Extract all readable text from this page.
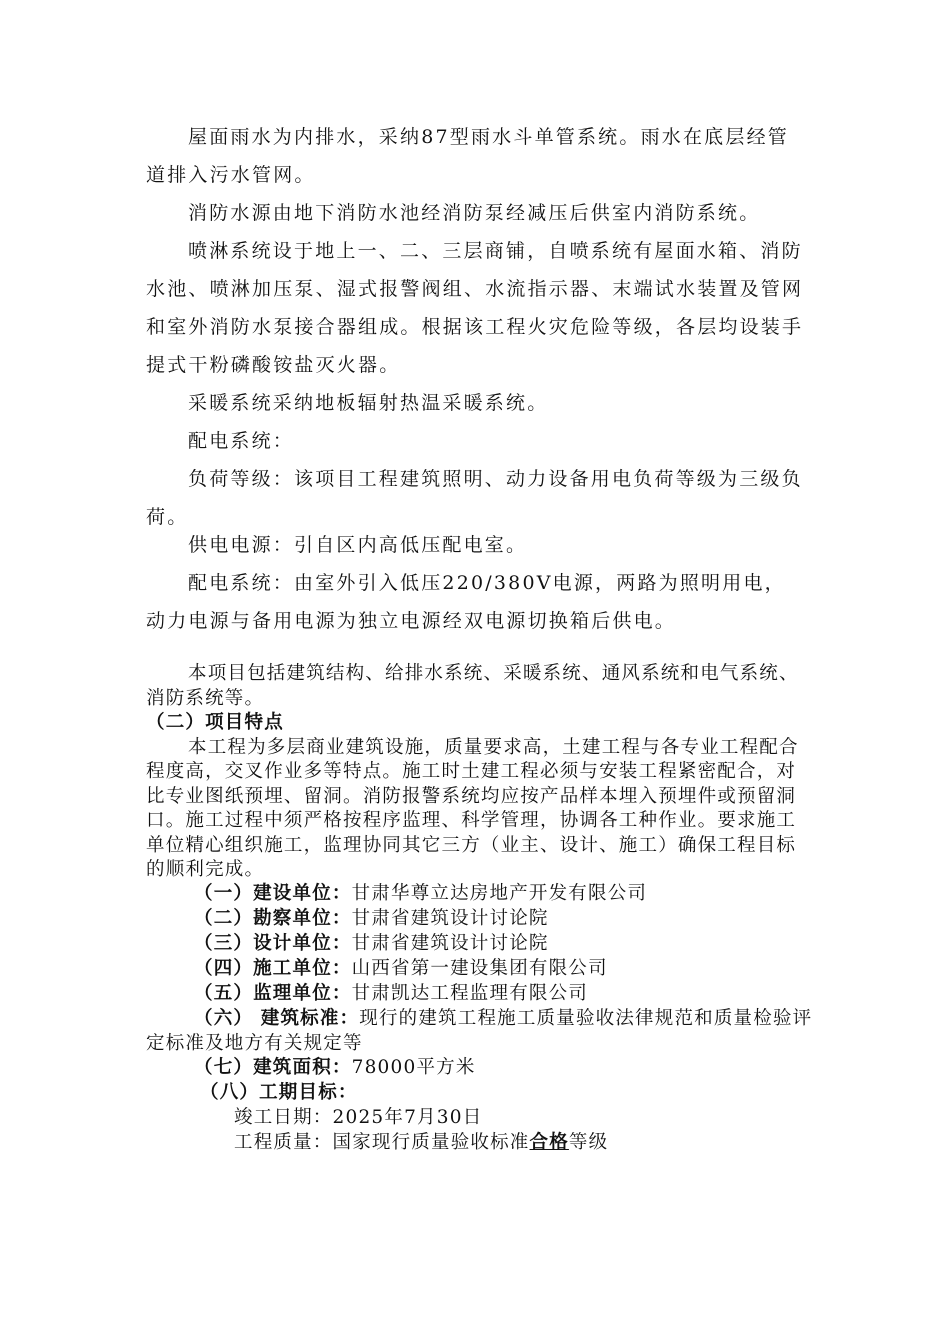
屋面雨水为内排水，采纳87型雨水斗单管系统。雨水在底层经管道排入污水管网。

消防水源由地下消防水池经消防泵经减压后供室内消防系统。

喷淋系统设于地上一、二、三层商铺，自喷系统有屋面水箱、消防水池、喷淋加压泵、湿式报警阀组、水流指示器、末端试水装置及管网和室外消防水泵接合器组成。根据该工程火灾危险等级，各层均设装手提式干粉磷酸铵盐灭火器。

采暖系统采纳地板辐射热温采暖系统。

配电系统：

负荷等级：该项目工程建筑照明、动力设备用电负荷等级为三级负荷。

供电电源：引自区内高低压配电室。

配电系统：由室外引入低压220/380V电源，两路为照明用电，动力电源与备用电源为独立电源经双电源切换箱后供电。

本项目包括建筑结构、给排水系统、采暖系统、通风系统和电气系统、消防系统等。

（二）项目特点

本工程为多层商业建筑设施，质量要求高，土建工程与各专业工程配合程度高，交叉作业多等特点。施工时土建工程必须与安装工程紧密配合，对比专业图纸预埋、留洞。消防报警系统均应按产品样本埋入预埋件或预留洞口。施工过程中须严格按程序监理、科学管理，协调各工种作业。要求施工单位精心组织施工，监理协同其它三方（业主、设计、施工）确保工程目标的顺利完成。

（一）建设单位：甘肃华尊立达房地产开发有限公司
（二）勘察单位：甘肃省建筑设计讨论院
（三）设计单位：甘肃省建筑设计讨论院
（四）施工单位：山西省第一建设集团有限公司
（五）监理单位：甘肃凯达工程监理有限公司
（六） 建筑标准：现行的建筑工程施工质量验收法律规范和质量检验评定标准及地方有关规定等
（七）建筑面积：78000平方米
（八）工期目标：
竣工日期：2025年7月30日
工程质量：国家现行质量验收标准合格等级
